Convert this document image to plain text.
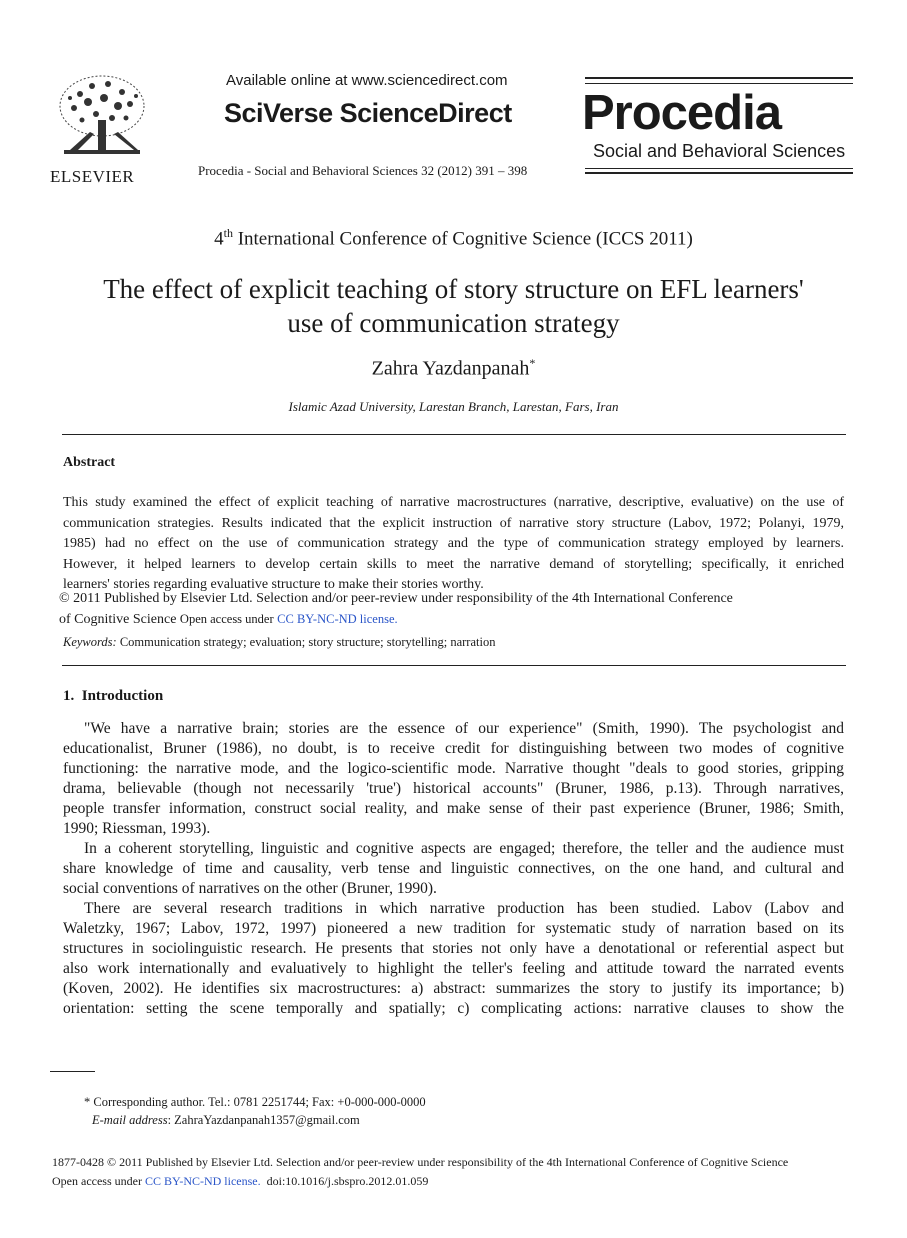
ELSEVIER
Available online at www.sciencedirect.com
SciVerse ScienceDirect
Procedia - Social and Behavioral Sciences 32 (2012) 391 – 398
Procedia
Social and Behavioral Sciences
4th International Conference of Cognitive Science (ICCS 2011)
The effect of explicit teaching of story structure on EFL learners'
use of communication strategy
Zahra Yazdanpanah*
Islamic Azad University, Larestan Branch, Larestan, Fars, Iran
Abstract

This study examined the effect of explicit teaching of narrative macrostructures (narrative, descriptive, evaluative) on the use of

communication strategies. Results indicated that the explicit instruction of narrative story structure (Labov, 1972; Polanyi, 1979,

1985) had no effect on the use of communication strategy and the type of communication strategy employed by learners.

However, it helped learners to develop certain skills to meet the narrative demand of storytelling; specifically, it enriched

learners' stories regarding evaluative structure to make their stories worthy.

© 2011 Published by Elsevier Ltd. Selection and/or peer-review under responsibility of the 4th International Conference
of Cognitive Science Open access under CC BY-NC-ND license.
Keywords: Communication strategy; evaluation; story structure; storytelling; narration
1. Introduction

"We have a narrative brain; stories are the essence of our experience" (Smith, 1990). The psychologist and

educationalist, Bruner (1986), no doubt, is to receive credit for distinguishing between two modes of cognitive

functioning: the narrative mode, and the logico-scientific mode. Narrative thought "deals to good stories, gripping

drama, believable (though not necessarily 'true') historical accounts" (Bruner, 1986, p.13). Through narratives,

people transfer information, construct social reality, and make sense of their past experience (Bruner, 1986; Smith,

1990; Riessman, 1993).

In a coherent storytelling, linguistic and cognitive aspects are engaged; therefore, the teller and the audience must

share knowledge of time and causality, verb tense and linguistic connectives, on the one hand, and cultural and

social conventions of narratives on the other (Bruner, 1990).

There are several research traditions in which narrative production has been studied. Labov (Labov and

Waletzky, 1967; Labov, 1972, 1997) pioneered a new tradition for systematic study of narration based on its

structures in sociolinguistic research. He presents that stories not only have a denotational or referential aspect but

also work internationally and evaluatively to highlight the teller's feeling and attitude toward the narrated events

(Koven, 2002). He identifies six macrostructures: a) abstract: summarizes the story to justify its importance; b)

orientation: setting the scene temporally and spatially; c) complicating actions: narrative clauses to show the

* Corresponding author. Tel.: 0781 2251744; Fax: +0-000-000-0000
E-mail address: ZahraYazdanpanah1357@gmail.com
1877-0428 © 2011 Published by Elsevier Ltd. Selection and/or peer-review under responsibility of the 4th International Conference of Cognitive Science
Open access under CC BY-NC-ND license. doi:10.1016/j.sbspro.2012.01.059
